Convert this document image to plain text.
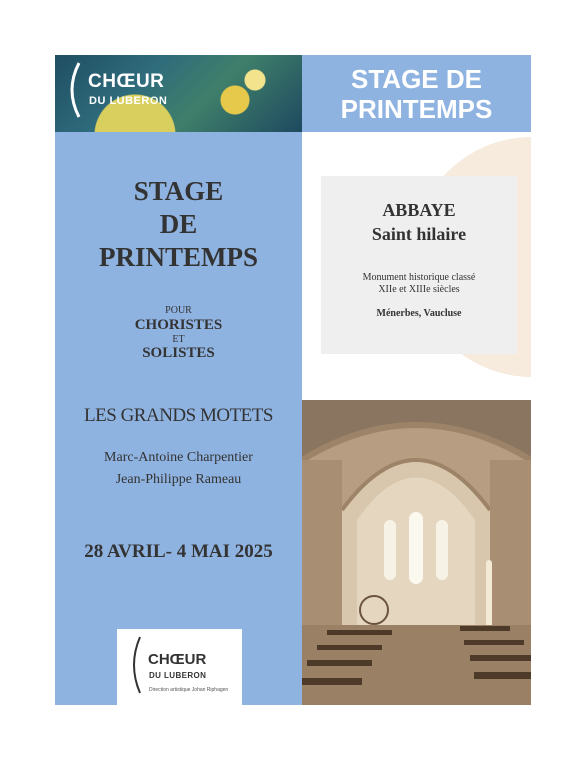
CHŒUR
DU LUBERON
STAGE
DE
PRINTEMPS
POUR
CHORISTES
ET
SOLISTES
LES GRANDS MOTETS
Marc-Antoine Charpentier
Jean-Philippe Rameau
28 AVRIL- 4 MAI 2025
CHŒUR
DU LUBERON
Direction artistique Johan Riphagen
STAGE DE
PRINTEMPS
ABBAYE
Saint hilaire
Monument historique classé
XIIe et XIIIe siècles
Ménerbes, Vaucluse
